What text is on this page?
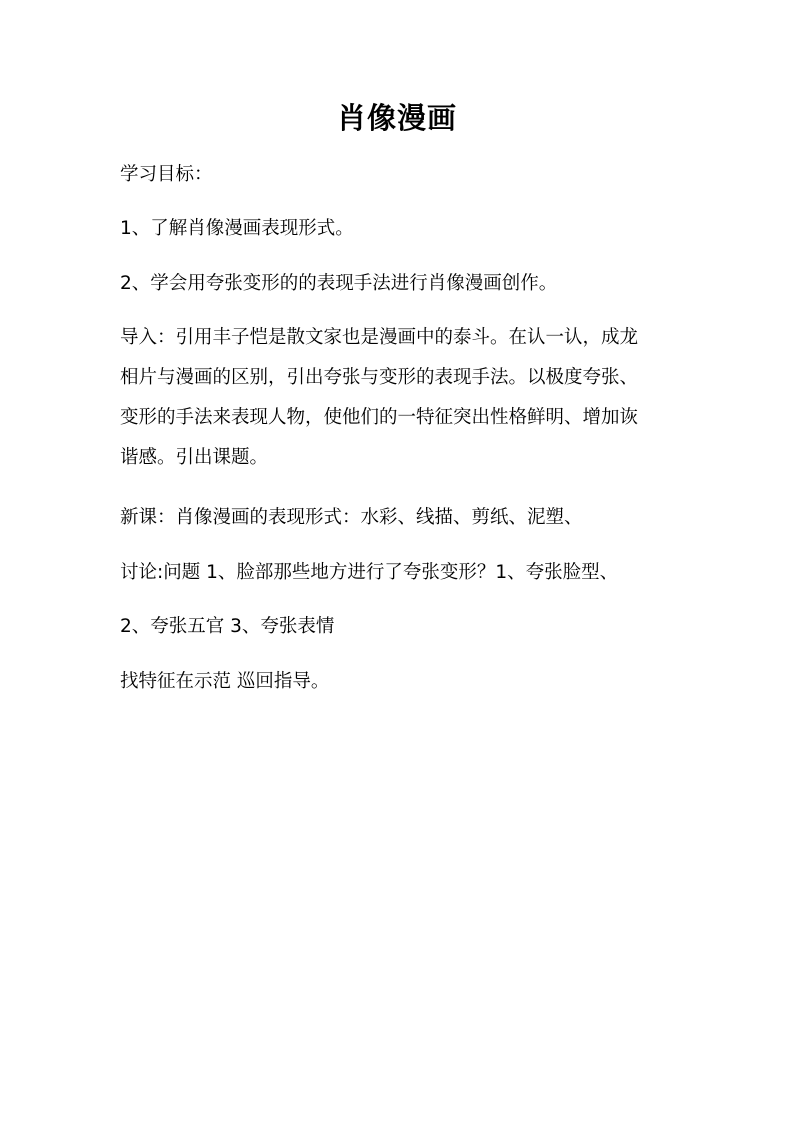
肖像漫画
学习目标：
1、了解肖像漫画表现形式。
2、学会用夸张变形的的表现手法进行肖像漫画创作。
导入：引用丰子恺是散文家也是漫画中的泰斗。在认一认，成龙
相片与漫画的区别，引出夸张与变形的表现手法。以极度夸张、
变形的手法来表现人物，使他们的一特征突出性格鲜明、增加诙
谐感。引出课题。
新课：肖像漫画的表现形式：水彩、线描、剪纸、泥塑、
讨论:问题 1、脸部那些地方进行了夸张变形？1、夸张脸型、
2、夸张五官 3、夸张表情
找特征在示范 巡回指导。
